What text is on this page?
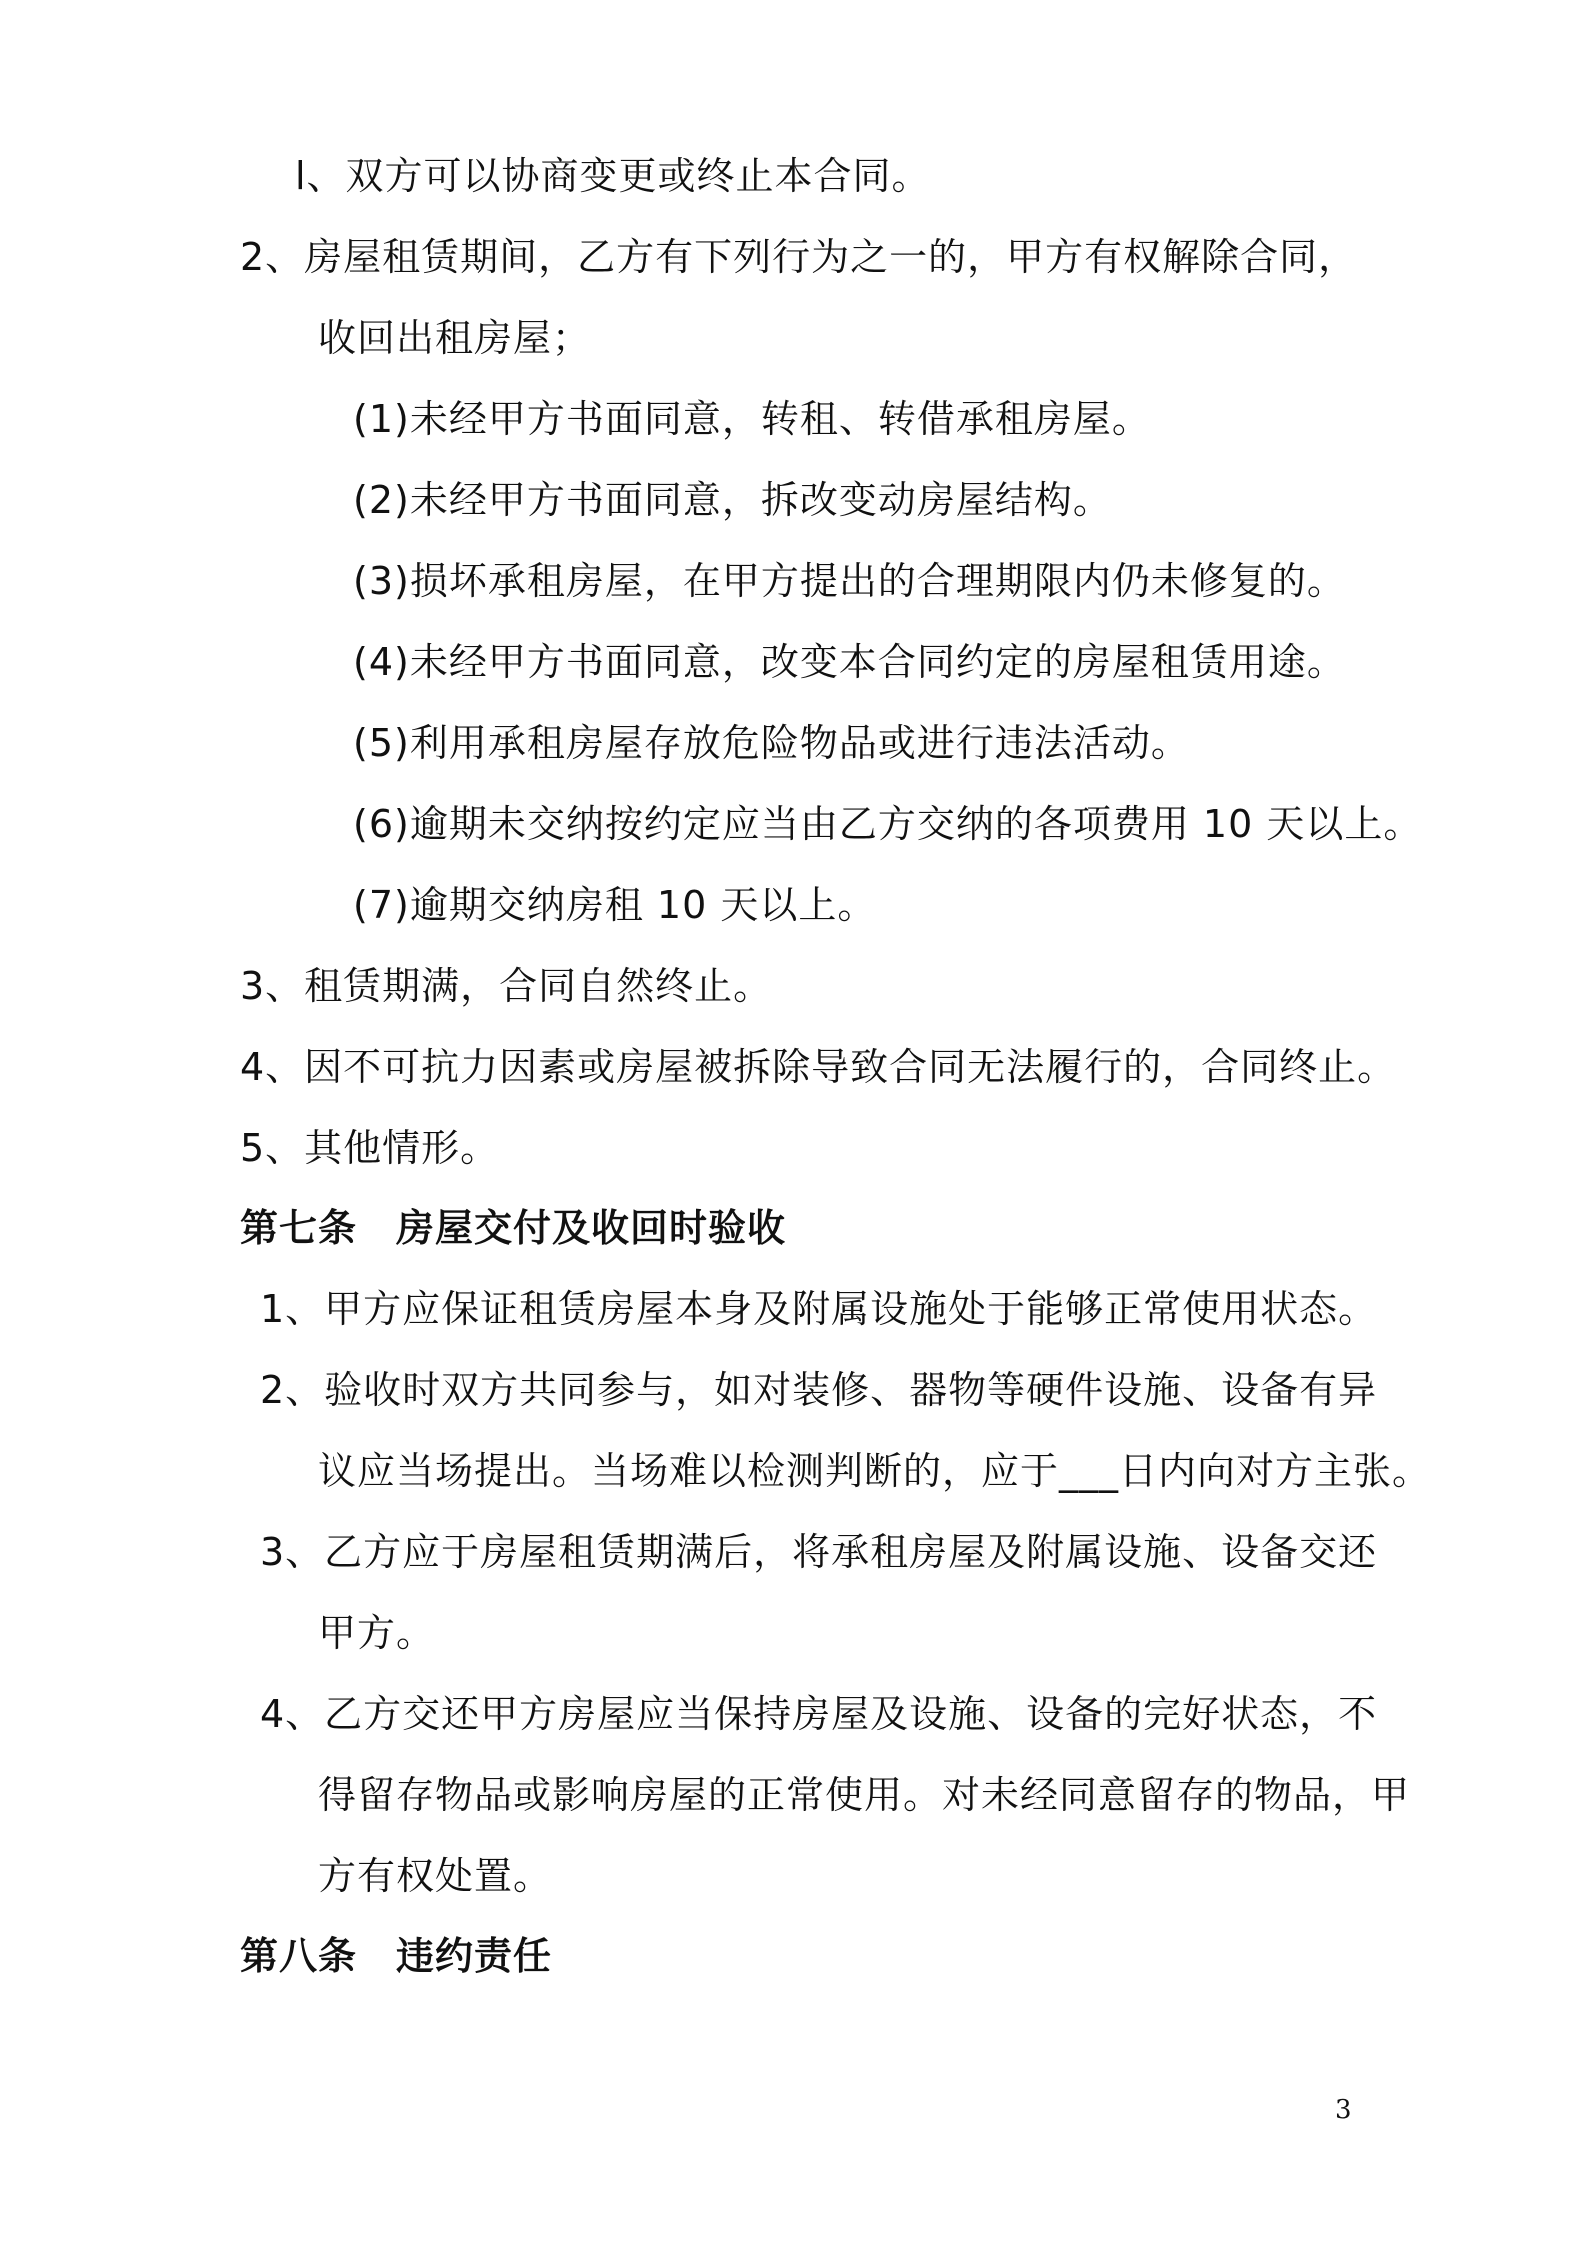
l、双方可以协商变更或终止本合同。
2、房屋租赁期间，乙方有下列行为之一的，甲方有权解除合同，
收回出租房屋；
(1)未经甲方书面同意，转租、转借承租房屋。
(2)未经甲方书面同意，拆改变动房屋结构。
(3)损坏承租房屋，在甲方提出的合理期限内仍未修复的。
(4)未经甲方书面同意，改变本合同约定的房屋租赁用途。
(5)利用承租房屋存放危险物品或进行违法活动。
(6)逾期未交纳按约定应当由乙方交纳的各项费用 10 天以上。
(7)逾期交纳房租 10 天以上。
3、租赁期满，合同自然终止。
4、因不可抗力因素或房屋被拆除导致合同无法履行的，合同终止。
5、其他情形。
第七条　房屋交付及收回时验收
1、甲方应保证租赁房屋本身及附属设施处于能够正常使用状态。
2、验收时双方共同参与，如对装修、器物等硬件设施、设备有异
议应当场提出。当场难以检测判断的，应于___日内向对方主张。
3、乙方应于房屋租赁期满后，将承租房屋及附属设施、设备交还
甲方。
4、乙方交还甲方房屋应当保持房屋及设施、设备的完好状态，不
得留存物品或影响房屋的正常使用。对未经同意留存的物品，甲
方有权处置。
第八条　违约责任
3
